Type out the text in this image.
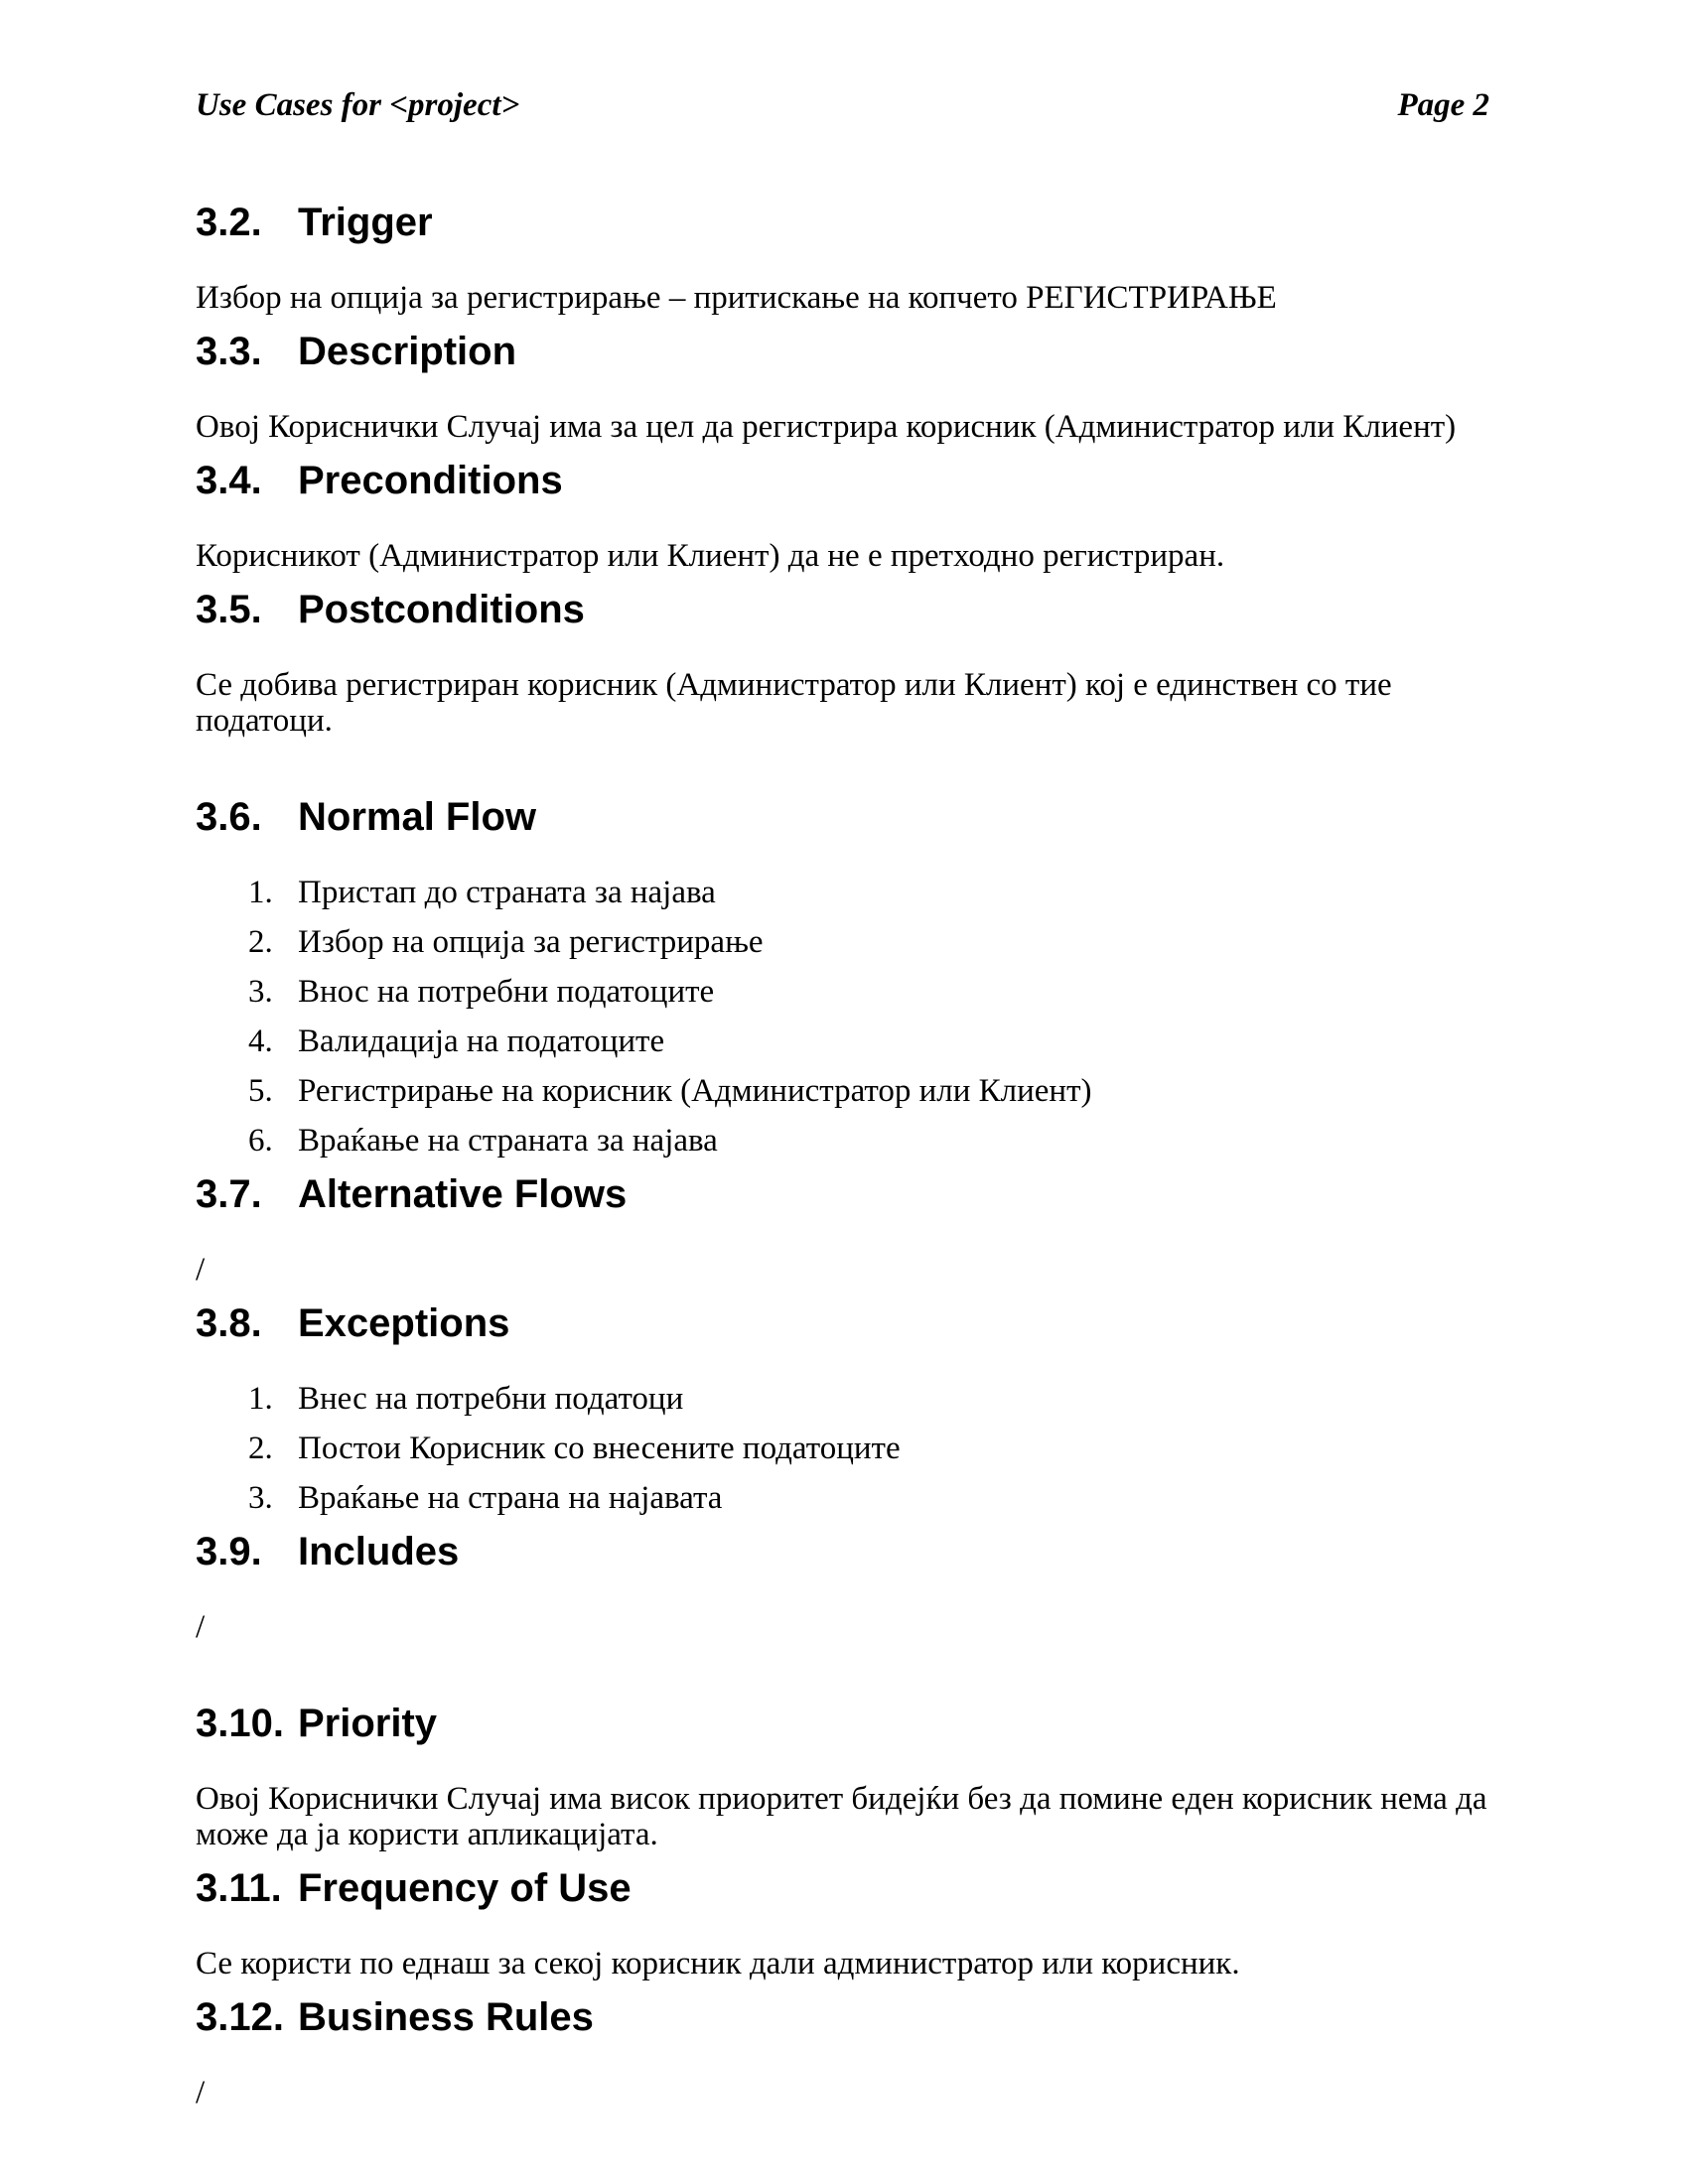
Use Cases for <project>	Page 2
3.2. Trigger

Избор на опција за регистрирање – притискање на копчето РЕГИСТРИРАЊЕ

3.3. Description

Овој Кориснички Случај има за цел да регистрира корисник (Администратор или Клиент)

3.4. Preconditions

Корисникот (Администратор или Клиент) да не е претходно регистриран.

3.5. Postconditions

Се добива регистриран корисник (Администратор или Клиент) кој е единствен со тие податоци.

3.6. Normal Flow
1. Пристап до страната за најава
2. Избор на опција за регистрирање
3. Внос на потребни податоците
4. Валидација на податоците
5. Регистрирање на корисник (Администратор или Клиент)
6. Враќање на страната за најава
3.7. Alternative Flows

/

3.8. Exceptions
1. Внес на потребни податоци
2. Постои Корисник со внесените податоците
3. Враќање на страна на најавата
3.9. Includes

/

3.10. Priority

Овој Кориснички Случај има висок приоритет бидејќи без да помине еден корисник нема да може да ја користи апликацијата.

3.11. Frequency of Use

Се користи по еднаш за секој корисник дали администратор или корисник.

3.12. Business Rules

/
